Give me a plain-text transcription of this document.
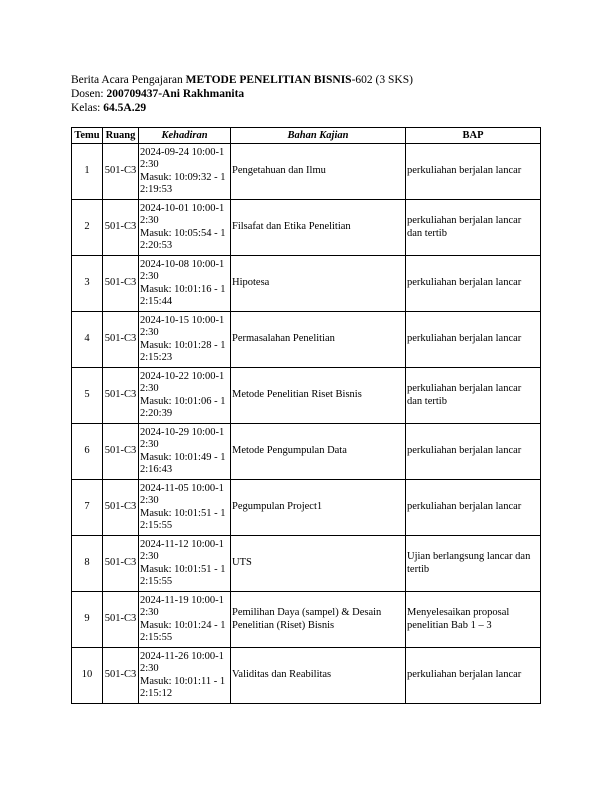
Berita Acara Pengajaran METODE PENELITIAN BISNIS-602 (3 SKS)
Dosen: 200709437-Ani Rakhmanita
Kelas: 64.5A.29
Temu	Ruang	Kehadiran	Bahan Kajian	BAP
1	501-C3	2024-09-24 10:00-12:30
Masuk: 10:09:32 - 12:19:53	Pengetahuan dan Ilmu	perkuliahan berjalan lancar
2	501-C3	2024-10-01 10:00-12:30
Masuk: 10:05:54 - 12:20:53	Filsafat dan Etika Penelitian	perkuliahan berjalan lancar dan tertib
3	501-C3	2024-10-08 10:00-12:30
Masuk: 10:01:16 - 12:15:44	Hipotesa	perkuliahan berjalan lancar
4	501-C3	2024-10-15 10:00-12:30
Masuk: 10:01:28 - 12:15:23	Permasalahan Penelitian	perkuliahan berjalan lancar
5	501-C3	2024-10-22 10:00-12:30
Masuk: 10:01:06 - 12:20:39	Metode Penelitian Riset Bisnis	perkuliahan berjalan lancar dan tertib
6	501-C3	2024-10-29 10:00-12:30
Masuk: 10:01:49 - 12:16:43	Metode Pengumpulan Data	perkuliahan berjalan lancar
7	501-C3	2024-11-05 10:00-12:30
Masuk: 10:01:51 - 12:15:55	Pegumpulan Project1	perkuliahan berjalan lancar
8	501-C3	2024-11-12 10:00-12:30
Masuk: 10:01:51 - 12:15:55	UTS	Ujian berlangsung lancar dan tertib
9	501-C3	2024-11-19 10:00-12:30
Masuk: 10:01:24 - 12:15:55	Pemilihan Daya (sampel) & Desain Penelitian (Riset) Bisnis	Menyelesaikan proposal penelitian Bab 1 – 3
10	501-C3	2024-11-26 10:00-12:30
Masuk: 10:01:11 - 12:15:12	Validitas dan Reabilitas	perkuliahan berjalan lancar
